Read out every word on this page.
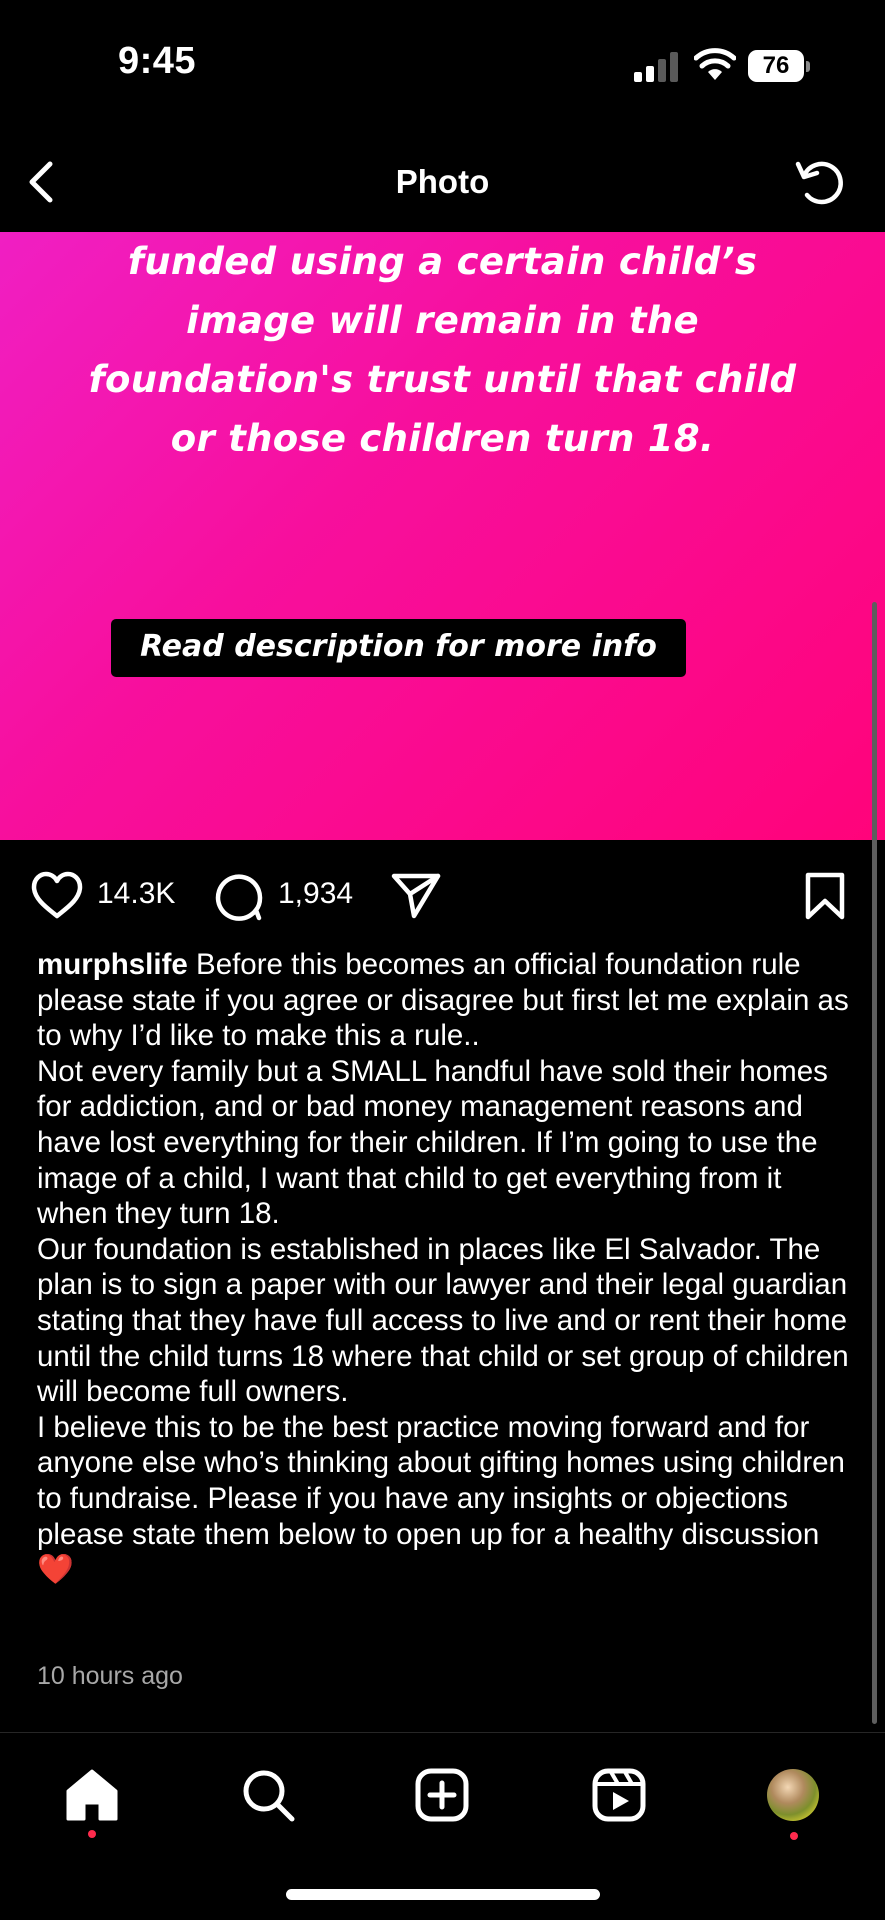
9:45	76
Photo
funded using a certain child’s
image will remain in the
foundation's trust until that child
or those children turn 18.
Read description for more info
14.3K	1,934

murphslife Before this becomes an official foundation rule please state if you agree or disagree but first let me explain as to why I’d like to make this a rule..

Not every family but a SMALL handful have sold their homes for addiction, and or bad money management reasons and have lost everything for their children. If I’m going to use the image of a child, I want that child to get everything from it when they turn 18.

Our foundation is established in places like El Salvador. The plan is to sign a paper with our lawyer and their legal guardian stating that they have full access to live and or rent their home until the child turns 18 where that child or set group of children will become full owners.

I believe this to be the best practice moving forward and for anyone else who’s thinking about gifting homes using children to fundraise. Please if you have any insights or objections please state them below to open up for a healthy discussion ❤️

10 hours ago
